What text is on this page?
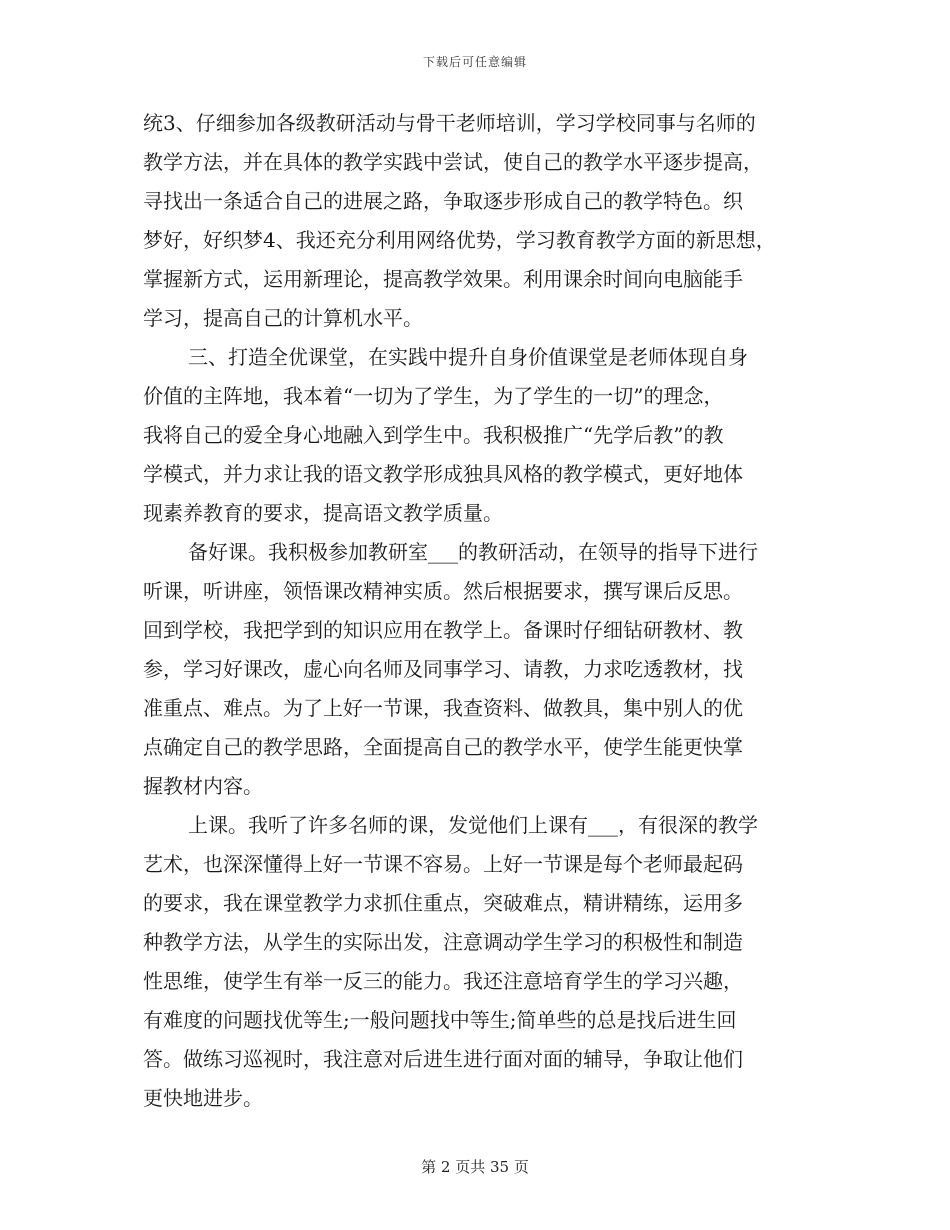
下载后可任意编辑
统3、仔细参加各级教研活动与骨干老师培训，学习学校同事与名师的
教学方法，并在具体的教学实践中尝试，使自己的教学水平逐步提高，
寻找出一条适合自己的进展之路，争取逐步形成自己的教学特色。织
梦好，好织梦4、我还充分利用网络优势，学习教育教学方面的新思想，
掌握新方式，运用新理论，提高教学效果。利用课余时间向电脑能手
学习，提高自己的计算机水平。
三、打造全优课堂，在实践中提升自身价值课堂是老师体现自身
价值的主阵地，我本着“一切为了学生，为了学生的一切”的理念，
我将自己的爱全身心地融入到学生中。我积极推广“先学后教”的教
学模式，并力求让我的语文教学形成独具风格的教学模式，更好地体
现素养教育的要求，提高语文教学质量。
备好课。我积极参加教研室___的教研活动，在领导的指导下进行
听课，听讲座，领悟课改精神实质。然后根据要求，撰写课后反思。
回到学校，我把学到的知识应用在教学上。备课时仔细钻研教材、教
参，学习好课改，虚心向名师及同事学习、请教，力求吃透教材，找
准重点、难点。为了上好一节课，我查资料、做教具，集中别人的优
点确定自己的教学思路，全面提高自己的教学水平，使学生能更快掌
握教材内容。
上课。我听了许多名师的课，发觉他们上课有___，有很深的教学
艺术，也深深懂得上好一节课不容易。上好一节课是每个老师最起码
的要求，我在课堂教学力求抓住重点，突破难点，精讲精练，运用多
种教学方法，从学生的实际出发，注意调动学生学习的积极性和制造
性思维，使学生有举一反三的能力。我还注意培育学生的学习兴趣，
有难度的问题找优等生;一般问题找中等生;简单些的总是找后进生回
答。做练习巡视时，我注意对后进生进行面对面的辅导，争取让他们
更快地进步。
第 2 页共 35 页
